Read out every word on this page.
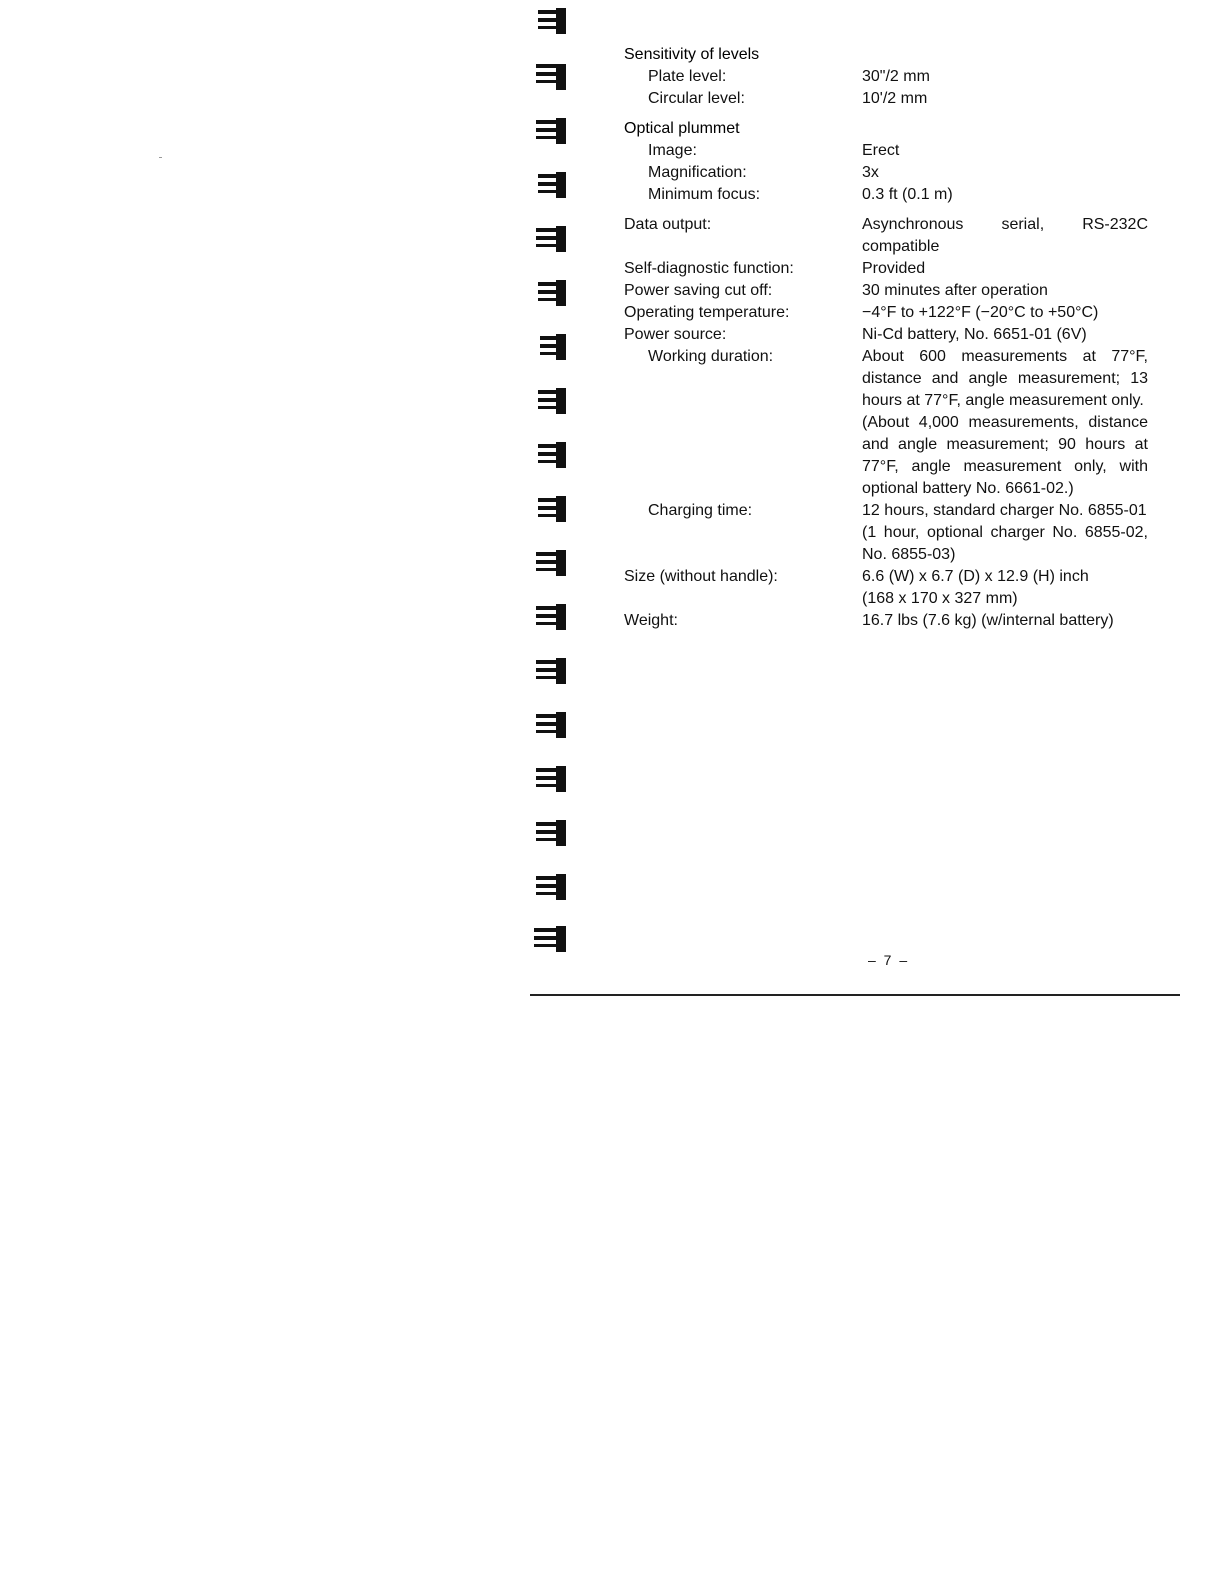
Sensitivity of levels
Plate level:	30"/2 mm
Circular level:	10'/2 mm
Optical plummet
Image:	Erect
Magnification:	3x
Minimum focus:	0.3 ft (0.1 m)
Data output:	Asynchronous serial, RS-232C compatible

Self-diagnostic function:	Provided
Power saving cut off:	30 minutes after operation
Operating temperature:	−4°F to +122°F (−20°C to +50°C)
Power source:	Ni-Cd battery, No. 6651-01 (6V)
Working duration:	About 600 measurements at 77°F, distance and angle measurement; 13 hours at 77°F, angle measurement only.

(About 4,000 measurements, distance and angle measurement; 90 hours at 77°F, angle measurement only, with optional battery No. 6661-02.)

Charging time:	12 hours, standard charger No. 6855-01

(1 hour, optional charger No. 6855-02, No. 6855-03)

Size (without handle):	6.6 (W) x 6.7 (D) x 12.9 (H) inch

(168 x 170 x 327 mm)

Weight:	16.7 lbs (7.6 kg) (w/internal battery)
– 7 –
